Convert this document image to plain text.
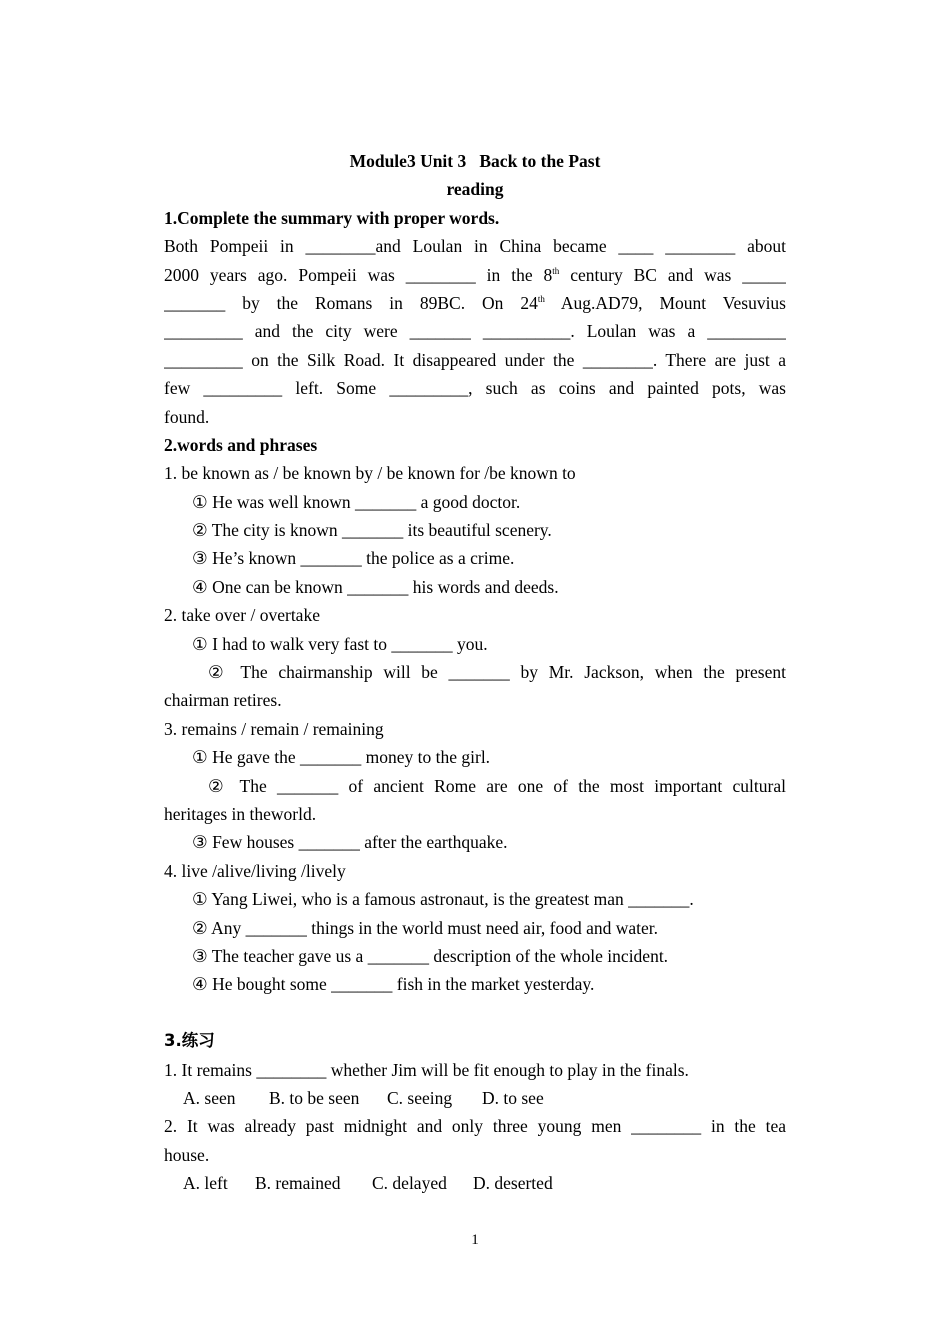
Module3 Unit 3   Back to the Past
reading
1.Complete the summary with proper words.
Both Pompeii in ________and Loulan in China became ____ ________ about
2000 years ago. Pompeii was ________ in the 8th century BC and was _____
_______ by the Romans in 89BC. On 24th Aug.AD79, Mount Vesuvius
_________ and the city were _______ __________. Loulan was a _________
_________ on the Silk Road. It disappeared under the ________. There are just a
few _________ left. Some _________, such as coins and painted pots, was
found.
2.words and phrases
1. be known as / be known by / be known for /be known to
① He was well known _______ a good doctor.
② The city is known _______ its beautiful scenery.
③ He’s known _______ the police as a crime.
④ One can be known _______ his words and deeds.
2. take over / overtake
① I had to walk very fast to _______ you.
② The chairmanship will be _______ by Mr. Jackson, when the present
chairman retires.
3. remains / remain / remaining
① He gave the _______ money to the girl.
② The _______ of ancient Rome are one of the most important cultural
heritages in theworld.
③ Few houses _______ after the earthquake.
4. live /alive/living /lively
① Yang Liwei, who is a famous astronaut, is the greatest man _______.
② Any _______ things in the world must need air, food and water.
③ The teacher gave us a _______ description of the whole incident.
④ He bought some _______ fish in the market yesterday.
3.练习
1. It remains ________ whether Jim will be fit enough to play in the finals.
A. seen B. to be seen C. seeing D. to see
2. It was already past midnight and only three young men ________ in the tea
house.
A. left B. remained C. delayed D. deserted
1
